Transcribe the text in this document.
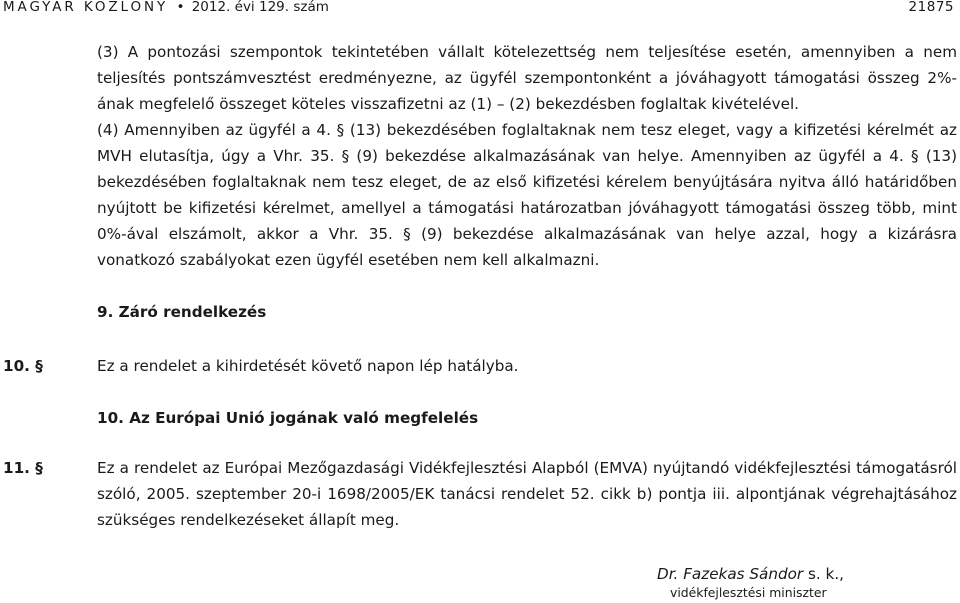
MAGYAR KÖZLÖNY • 2012. évi 129. szám	21875
(3) A pontozási szempontok tekintetében vállalt kötelezettség nem teljesítése esetén, amennyiben a nem teljesítés pontszámvesztést eredményezne, az ügyfél szempontonként a jóváhagyott támogatási összeg 2%-ának megfelelő összeget köteles visszafizetni az (1) – (2) bekezdésben foglaltak kivételével.
(4) Amennyiben az ügyfél a 4. § (13) bekezdésében foglaltaknak nem tesz eleget, vagy a kifizetési kérelmét az MVH elutasítja, úgy a Vhr. 35. § (9) bekezdése alkalmazásának van helye. Amennyiben az ügyfél a 4. § (13) bekezdésében foglaltaknak nem tesz eleget, de az első kifizetési kérelem benyújtására nyitva álló határidőben nyújtott be kifizetési kérelmet, amellyel a támogatási határozatban jóváhagyott támogatási összeg több, mint 0%-ával elszámolt, akkor a Vhr. 35. § (9) bekezdése alkalmazásának van helye azzal, hogy a kizárásra vonatkozó szabályokat ezen ügyfél esetében nem kell alkalmazni.
9. Záró rendelkezés
10. §	Ez a rendelet a kihirdetését követő napon lép hatályba.
10. Az Európai Unió jogának való megfelelés
11. §	Ez a rendelet az Európai Mezőgazdasági Vidékfejlesztési Alapból (EMVA) nyújtandó vidékfejlesztési támogatásról szóló, 2005. szeptember 20-i 1698/2005/EK tanácsi rendelet 52. cikk b) pontja iii. alpontjának végrehajtásához szükséges rendelkezéseket állapít meg.
Dr. Fazekas Sándor s. k.,
vidékfejlesztési miniszter
